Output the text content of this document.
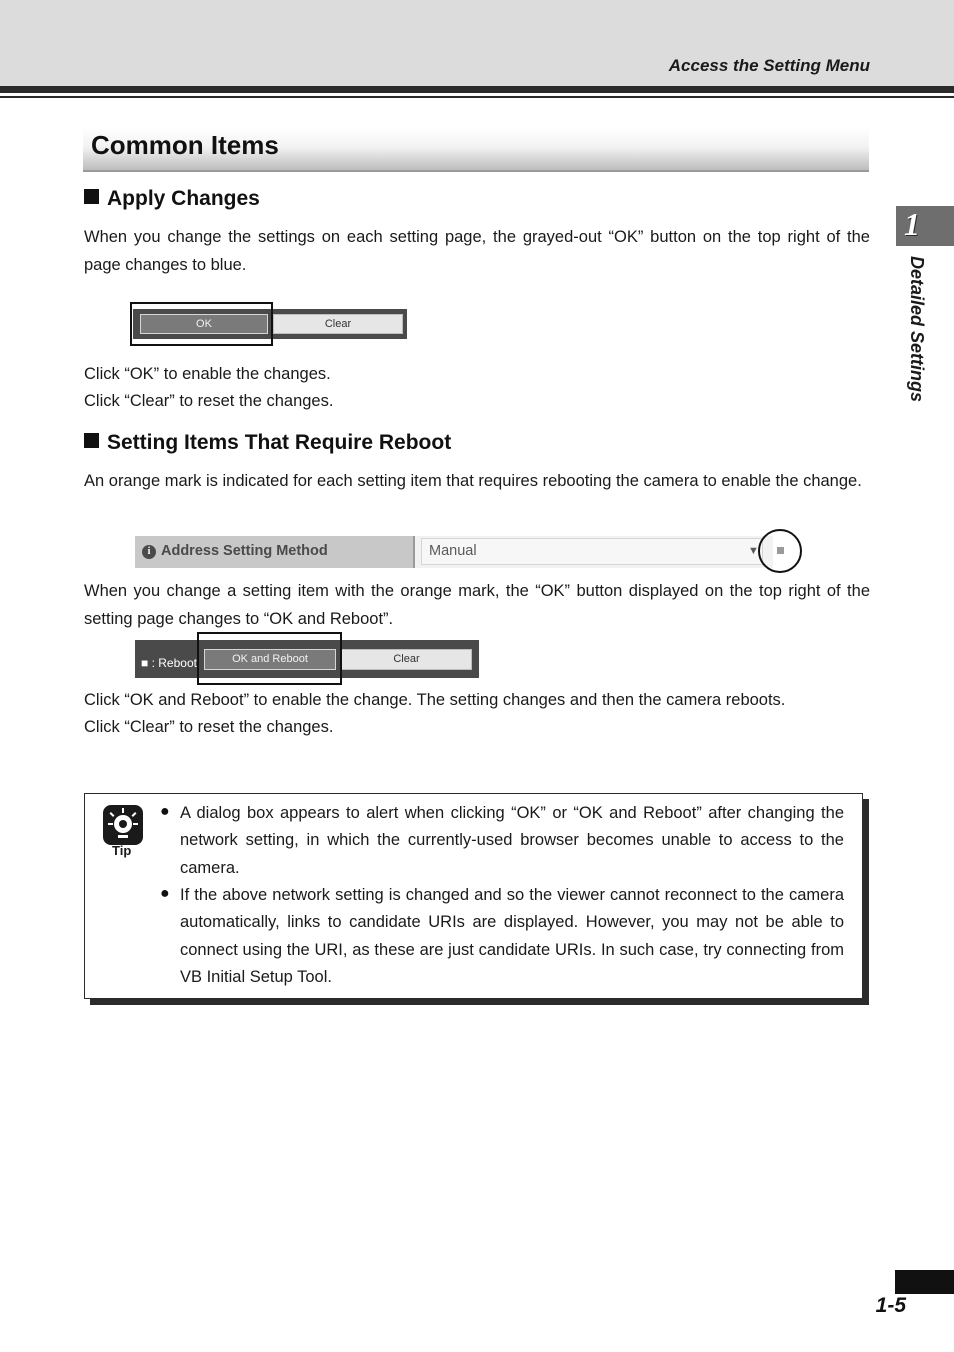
Access the Setting Menu
1
Detailed Settings
Common Items
Apply Changes
When you change the settings on each setting page, the grayed-out “OK” button on the top right of the page changes to blue.
OK	Clear
Click “OK” to enable the changes.
Click “Clear” to reset the changes.
Setting Items That Require Reboot
An orange mark is indicated for each setting item that requires rebooting the camera to enable the change.
i Address Setting Method	Manual	▼
When you change a setting item with the orange mark, the “OK” button displayed on the top right of the setting page changes to “OK and Reboot”.
■ : Reboot	OK and Reboot	Clear
Click “OK and Reboot” to enable the change. The setting changes and then the camera reboots.
Click “Clear” to reset the changes.
Tip
● A dialog box appears to alert when clicking “OK” or “OK and Reboot” after changing the network setting, in which the currently-used browser becomes unable to access to the camera.
● If the above network setting is changed and so the viewer cannot reconnect to the camera automatically, links to candidate URIs are displayed. However, you may not be able to connect using the URI, as these are just candidate URIs. In such case, try connecting from VB Initial Setup Tool.
1-5
